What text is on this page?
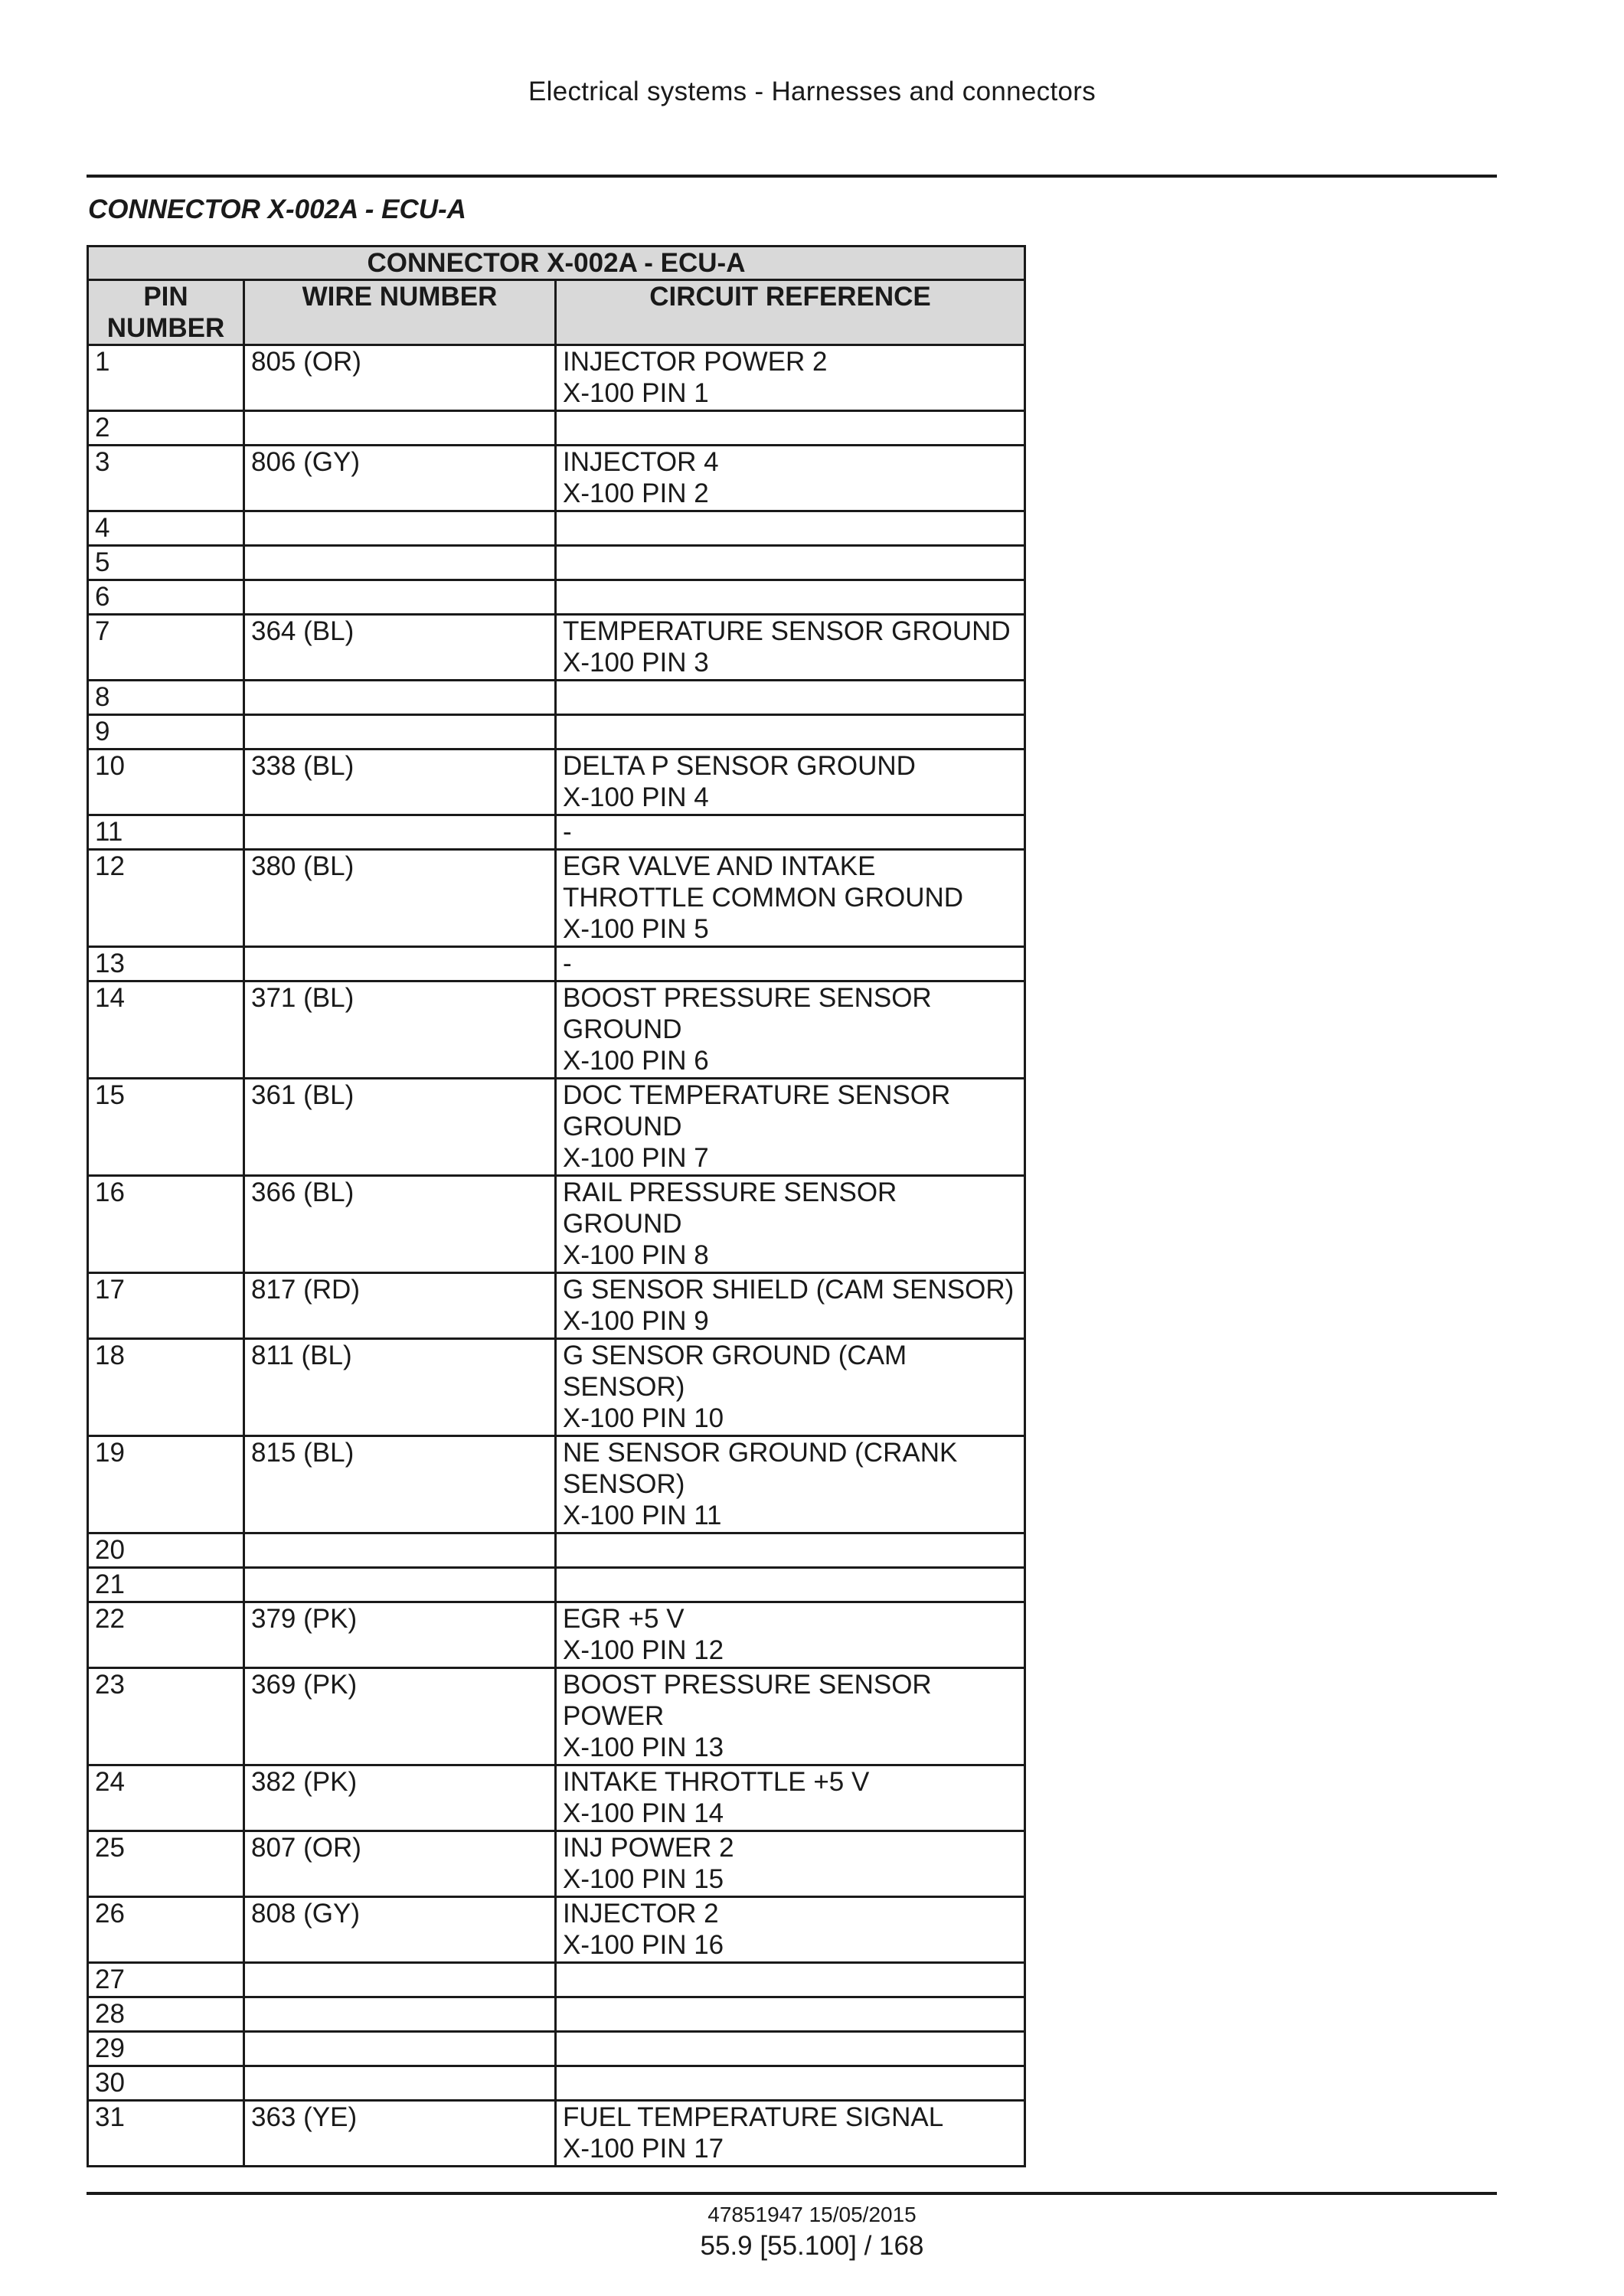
Electrical systems - Harnesses and connectors
CONNECTOR X-002A - ECU-A
CONNECTOR X-002A - ECU-A		
PIN NUMBER	WIRE NUMBER	CIRCUIT REFERENCE
1	805 (OR)	INJECTOR POWER 2
X-100 PIN 1
2		
3	806 (GY)	INJECTOR 4
X-100 PIN 2
4		
5		
6		
7	364 (BL)	TEMPERATURE SENSOR GROUND
X-100 PIN 3
8		
9		
10	338 (BL)	DELTA P SENSOR GROUND
X-100 PIN 4
11		-
12	380 (BL)	EGR VALVE AND INTAKE
THROTTLE COMMON GROUND
X-100 PIN 5
13		-
14	371 (BL)	BOOST PRESSURE SENSOR
GROUND
X-100 PIN 6
15	361 (BL)	DOC TEMPERATURE SENSOR
GROUND
X-100 PIN 7
16	366 (BL)	RAIL PRESSURE SENSOR
GROUND
X-100 PIN 8
17	817 (RD)	G SENSOR SHIELD (CAM SENSOR)
X-100 PIN 9
18	811 (BL)	G SENSOR GROUND (CAM
SENSOR)
X-100 PIN 10
19	815 (BL)	NE SENSOR GROUND (CRANK
SENSOR)
X-100 PIN 11
20		
21		
22	379 (PK)	EGR +5 V
X-100 PIN 12
23	369 (PK)	BOOST PRESSURE SENSOR
POWER
X-100 PIN 13
24	382 (PK)	INTAKE THROTTLE +5 V
X-100 PIN 14
25	807 (OR)	INJ POWER 2
X-100 PIN 15
26	808 (GY)	INJECTOR 2
X-100 PIN 16
27		
28		
29		
30		
31	363 (YE)	FUEL TEMPERATURE SIGNAL
X-100 PIN 17
47851947 15/05/2015
55.9 [55.100] / 168
